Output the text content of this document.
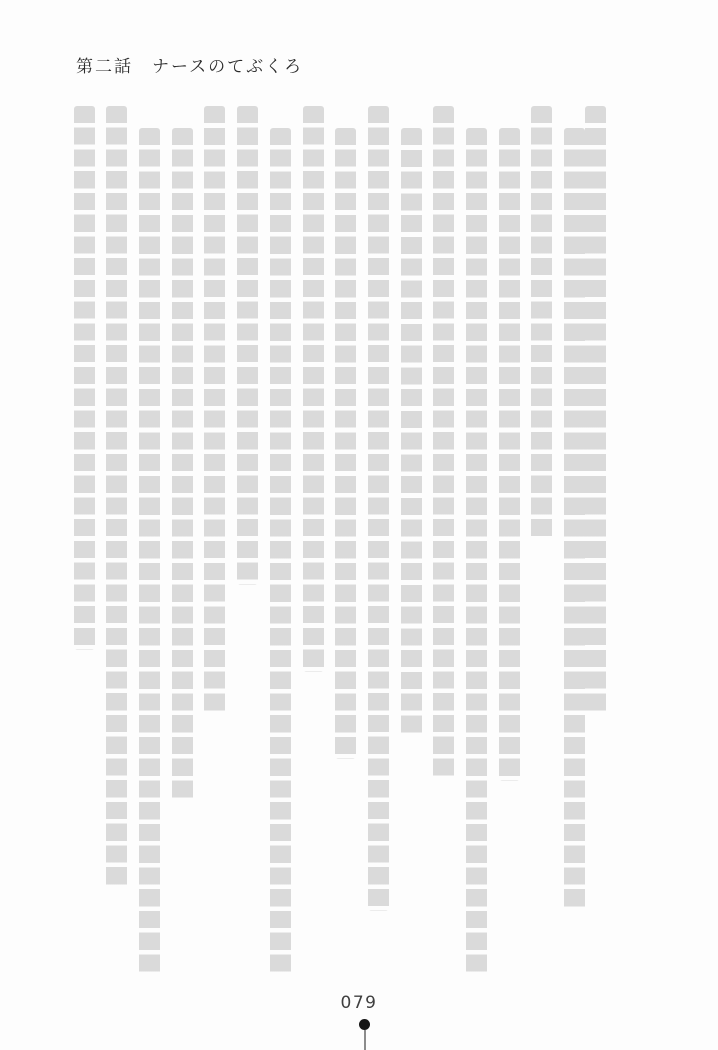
第二話　ナースのてぶくろ
079
